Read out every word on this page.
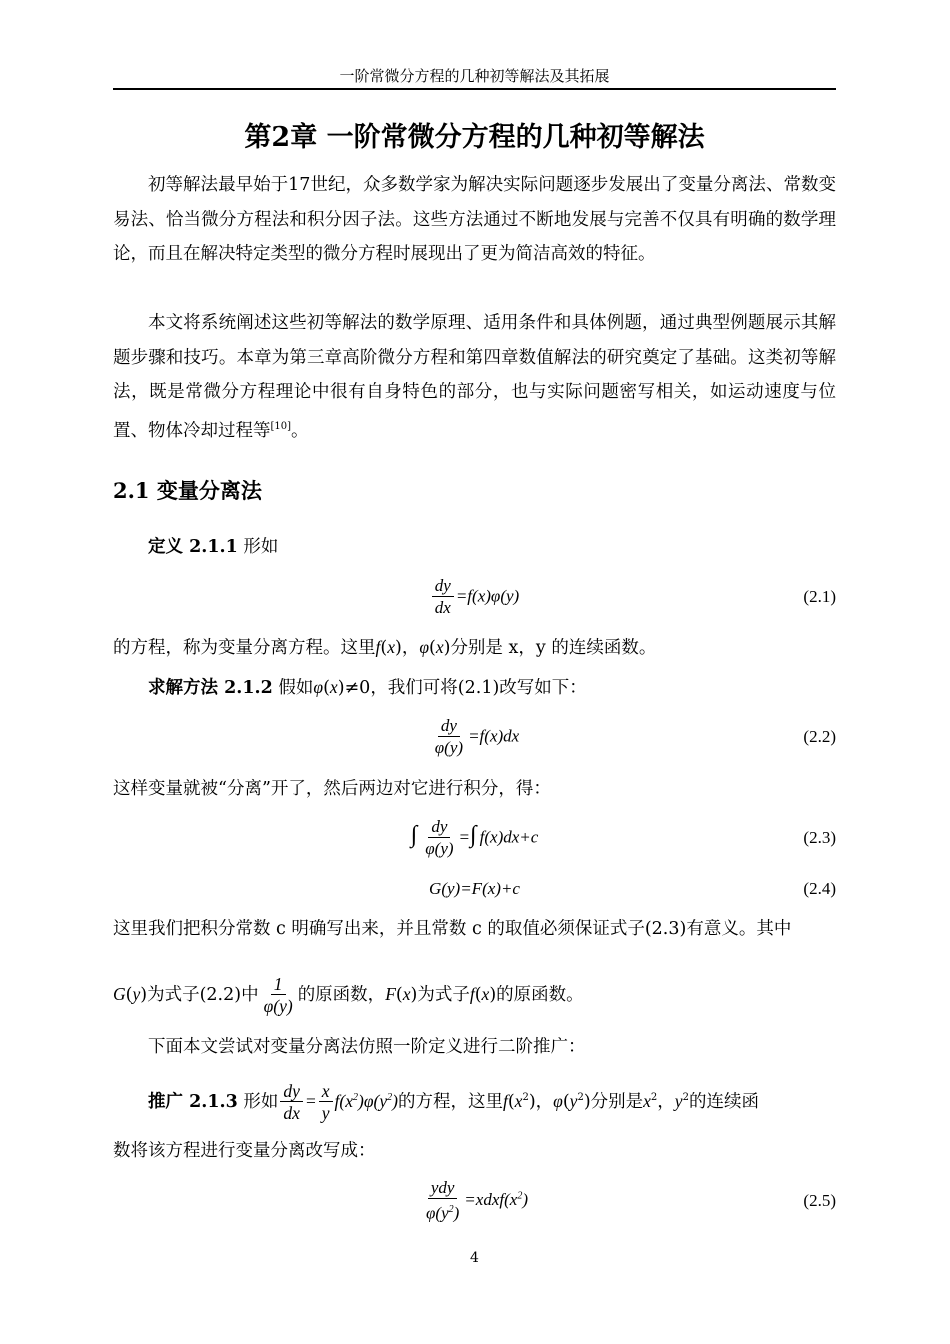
一阶常微分方程的几种初等解法及其拓展
第2章 一阶常微分方程的几种初等解法

初等解法最早始于17世纪，众多数学家为解决实际问题逐步发展出了变量分离法、常数变易法、恰当微分方程法和积分因子法。这些方法通过不断地发展与完善不仅具有明确的数学理论，而且在解决特定类型的微分方程时展现出了更为简洁高效的特征。

本文将系统阐述这些初等解法的数学原理、适用条件和具体例题，通过典型例题展示其解题步骤和技巧。本章为第三章高阶微分方程和第四章数值解法的研究奠定了基础。这类初等解法，既是常微分方程理论中很有自身特色的部分，也与实际问题密写相关，如运动速度与位置、物体冷却过程等[10]。

2.1 变量分离法
定义 2.1.1 形如
$\frac{dy}{dx} =f(x)\varphi(y)$	(2.1)
的方程，称为变量分离方程。这里f(x)，φ(x)分别是 x，y 的连续函数。
求解方法 2.1.2 假如φ(x)≠0，我们可将(2.1)改写如下：
$\frac{dy}{\varphi(y)} =f(x)dx$	(2.2)
这样变量就被“分离”开了，然后两边对它进行积分，得：
∫ $\frac{dy}{\varphi(y)}$ =∫ f(x)dx+c	(2.3)
G(y)=F(x)+c	(2.4)
这里我们把积分常数 c 明确写出来，并且常数 c 的取值必须保证式子(2.3)有意义。其中
G(y)为式子(2.2)中 $\frac{1}{\varphi(y)}$ 的原函数，F(x)为式子f(x)的原函数。
下面本文尝试对变量分离法仿照一阶定义进行二阶推广：
推广 2.1.3 形如 $\frac{dy}{dx} = \frac{x}{y} f(x^2)\varphi(y^2)$的方程，这里$f(x^2)$，$\varphi(y^2)$分别是$x^2$，$y^2$的连续函
数将该方程进行变量分离改写成：
$\frac{\text{ydy}}{\varphi(y^2)}$ $=xdxf(x^2)$	(2.5)
4
